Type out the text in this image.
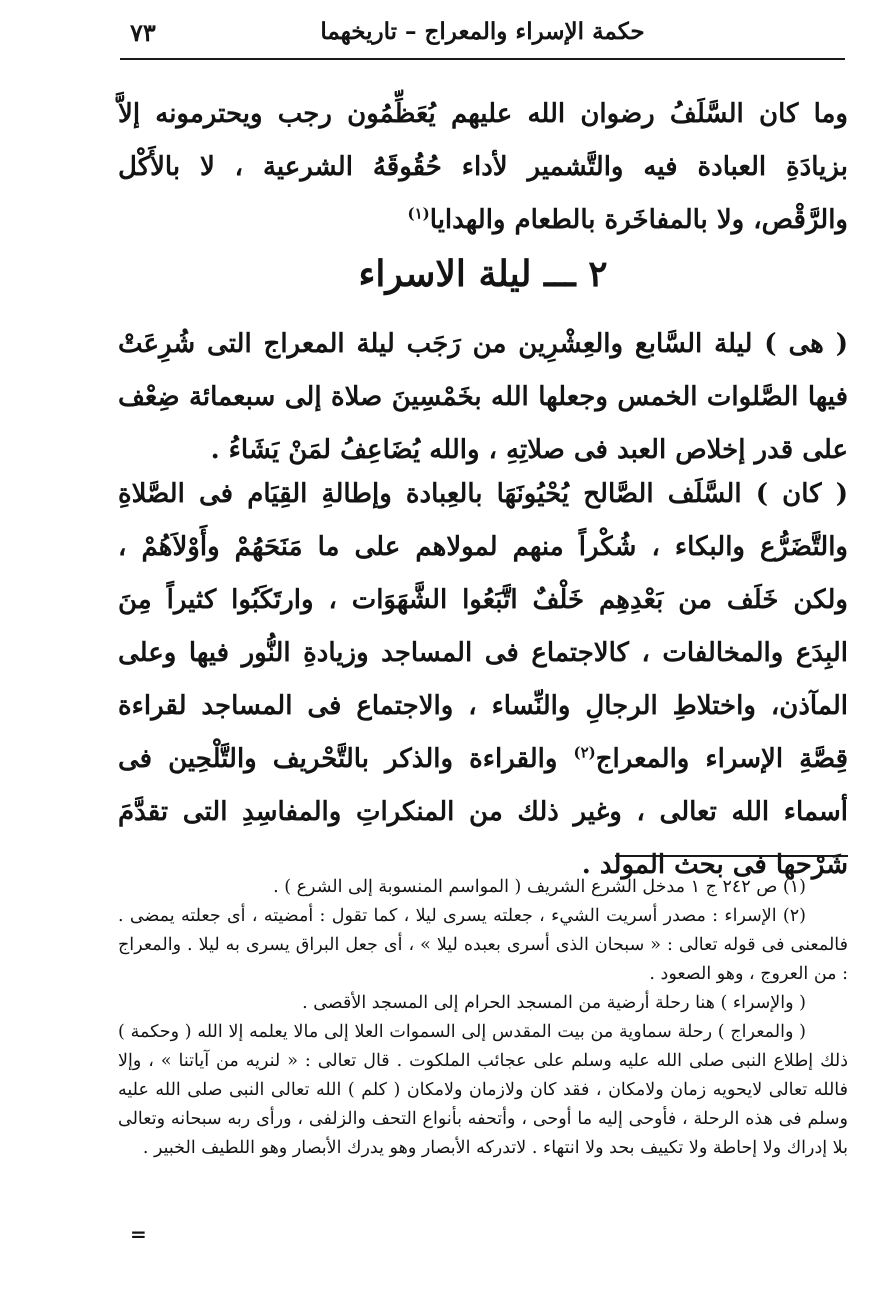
حكمة الإسراء والمعراج – تاريخهما
٧٣
وما كان السَّلَفُ رضوان الله عليهم يُعَظِّمُون رجب ويحترمونه إلاَّ بزيادَةِ العبادة فيه والتَّشمير لأداء حُقُوقَهُ الشرعية ، لا بالأَكْل والرَّقْص، ولا بالمفاخَرة بالطعام والهدايا$^{(١)}$
٢ ـــ ليلة الاسراء
( هى ) ليلة السَّابع والعِشْرِين من رَجَب ليلة المعراج التى شُرِعَتْ فيها الصَّلوات الخمس وجعلها الله بخَمْسِينَ صلاة إلى سبعمائة ضِعْف على قدر إخلاص العبد فى صلاتِهِ ، والله يُضَاعِفُ لمَنْ يَشَاءُ .
( كان ) السَّلَف الصَّالح يُحْيُونَهَا بالعِبادة وإطالةِ القِيَام فى الصَّلاةِ والتَّضَرُّع والبكاء ، شُكْراً منهم لمولاهم على ما مَنَحَهُمْ وأَوْلاَهُمْ ، ولكن خَلَف من بَعْدِهِم خَلْفٌ اتَّبَعُوا الشَّهَوَات ، وارتَكَبُوا كثيراً مِنَ البِدَع والمخالفات ، كالاجتماع فى المساجد وزيادةِ النُّور فيها وعلى المآذن، واختلاطِ الرجالِ والنِّساء ، والاجتماع فى المساجد لقراءة قِصَّةِ الإسراء والمعراج$^{(٢)}$ والقراءة والذكر بالتَّحْريف والتَّلْحِين فى أسماء الله تعالى ، وغير ذلك من المنكراتِ والمفاسِدِ التى تقدَّمَ شَرْحها فى بحث المولد .

(١) ص ٢٤٢ ج ١ مدخل الشرع الشريف ( المواسم المنسوبة إلى الشرع ) .

(٢) الإسراء : مصدر أسريت الشيء ، جعلته يسرى ليلا ، كما تقول : أمضيته ، أى جعلته يمضى . فالمعنى فى قوله تعالى : « سبحان الذى أسرى بعبده ليلا » ، أى جعل البراق يسرى به ليلا . والمعراج : من العروج ، وهو الصعود .

( والإسراء ) هنا رحلة أرضية من المسجد الحرام إلى المسجد الأقصى .

( والمعراج ) رحلة سماوية من بيت المقدس إلى السموات العلا إلى مالا يعلمه إلا الله ( وحكمة ) ذلك إطلاع النبى صلى الله عليه وسلم على عجائب الملكوت . قال تعالى : « لنريه من آياتنا » ، وإلا فالله تعالى لايحويه زمان ولامكان ، فقد كان ولازمان ولامكان ( كلم ) الله تعالى النبى صلى الله عليه وسلم فى هذه الرحلة ، فأوحى إليه ما أوحى ، وأتحفه بأنواع التحف والزلفى ، ورأى ربه سبحانه وتعالى بلا إدراك ولا إحاطة ولا تكييف بحد ولا انتهاء . لاتدركه الأبصار وهو يدرك الأبصار وهو اللطيف الخبير .

=
